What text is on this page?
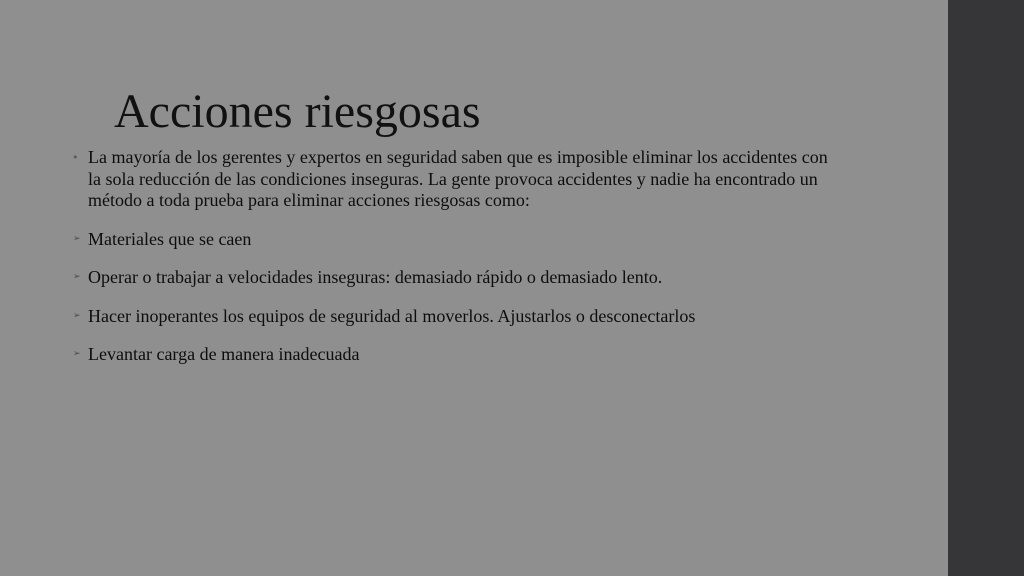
Acciones riesgosas
• La mayoría de los gerentes y expertos en seguridad saben que es imposible eliminar los accidentes con la sola reducción de las condiciones inseguras. La gente provoca accidentes y nadie ha encontrado un método a toda prueba para eliminar acciones riesgosas como:
➢ Materiales que se caen
➢ Operar o trabajar a velocidades inseguras: demasiado rápido o demasiado lento.
➢ Hacer inoperantes los equipos de seguridad al moverlos. Ajustarlos o desconectarlos
➢ Levantar carga de manera inadecuada
